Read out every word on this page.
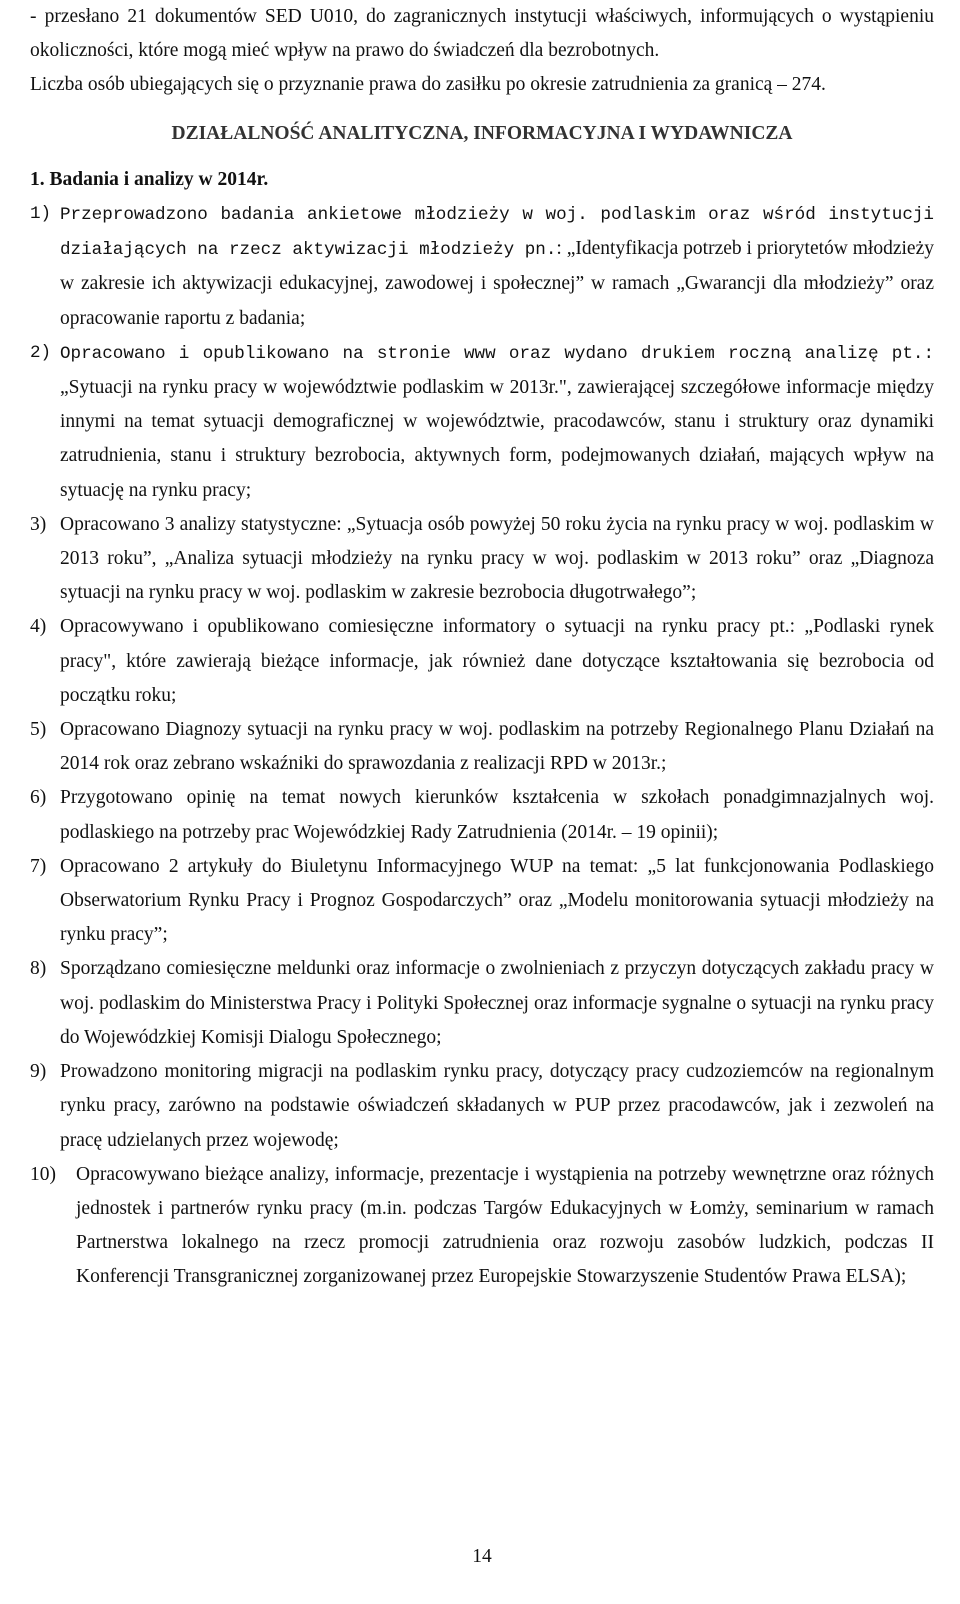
- przesłano 21 dokumentów SED U010, do zagranicznych instytucji właściwych, informujących o wystąpieniu okoliczności, które mogą mieć wpływ na prawo do świadczeń dla bezrobotnych.

Liczba osób ubiegających się o przyznanie prawa do zasiłku po okresie zatrudnienia za granicą – 274.

DZIAŁALNOŚĆ ANALITYCZNA, INFORMACYJNA I WYDAWNICZA

1. Badania i analizy w 2014r.

1) Przeprowadzono badania ankietowe młodzieży w woj. podlaskim oraz wśród instytucji działających na rzecz aktywizacji młodzieży pn.: „Identyfikacja potrzeb i priorytetów młodzieży w zakresie ich aktywizacji edukacyjnej, zawodowej i społecznej” w ramach „Gwarancji dla młodzieży” oraz opracowanie raportu z badania;
2) Opracowano i opublikowano na stronie www oraz wydano drukiem roczną analizę pt.: „Sytuacji na rynku pracy w województwie podlaskim w 2013r.", zawierającej szczegółowe informacje między innymi na temat sytuacji demograficznej w województwie, pracodawców, stanu i struktury oraz dynamiki zatrudnienia, stanu i struktury bezrobocia, aktywnych form, podejmowanych działań, mających wpływ na sytuację na rynku pracy;
3) Opracowano 3 analizy statystyczne: „Sytuacja osób powyżej 50 roku życia na rynku pracy w woj. podlaskim w 2013 roku”, „Analiza sytuacji młodzieży na rynku pracy w woj. podlaskim w 2013 roku” oraz „Diagnoza sytuacji na rynku pracy w woj. podlaskim w zakresie bezrobocia długotrwałego”;
4) Opracowywano i opublikowano comiesięczne informatory o sytuacji na rynku pracy pt.: „Podlaski rynek pracy", które zawierają bieżące informacje, jak również dane dotyczące kształtowania się bezrobocia od początku roku;
5) Opracowano Diagnozy sytuacji na rynku pracy w woj. podlaskim na potrzeby Regionalnego Planu Działań na 2014 rok oraz zebrano wskaźniki do sprawozdania z realizacji RPD w 2013r.;
6) Przygotowano opinię na temat nowych kierunków kształcenia w szkołach ponadgimnazjalnych woj. podlaskiego na potrzeby prac Wojewódzkiej Rady Zatrudnienia (2014r. – 19 opinii);
7) Opracowano 2 artykuły do Biuletynu Informacyjnego WUP na temat: „5 lat funkcjonowania Podlaskiego Obserwatorium Rynku Pracy i Prognoz Gospodarczych” oraz „Modelu monitorowania sytuacji młodzieży na rynku pracy”;
8) Sporządzano comiesięczne meldunki oraz informacje o zwolnieniach z przyczyn dotyczących zakładu pracy w woj. podlaskim do Ministerstwa Pracy i Polityki Społecznej oraz informacje sygnalne o sytuacji na rynku pracy do Wojewódzkiej Komisji Dialogu Społecznego;
9) Prowadzono monitoring migracji na podlaskim rynku pracy, dotyczący pracy cudzoziemców na regionalnym rynku pracy, zarówno na podstawie oświadczeń składanych w PUP przez pracodawców, jak i zezwoleń na pracę udzielanych przez wojewodę;
10)	Opracowywano bieżące analizy, informacje, prezentacje i wystąpienia na potrzeby wewnętrzne oraz różnych jednostek i partnerów rynku pracy (m.in. podczas Targów Edukacyjnych w Łomży, seminarium w ramach Partnerstwa lokalnego na rzecz promocji zatrudnienia oraz rozwoju zasobów ludzkich, podczas II Konferencji Transgranicznej zorganizowanej przez Europejskie Stowarzyszenie Studentów Prawa ELSA);
14
